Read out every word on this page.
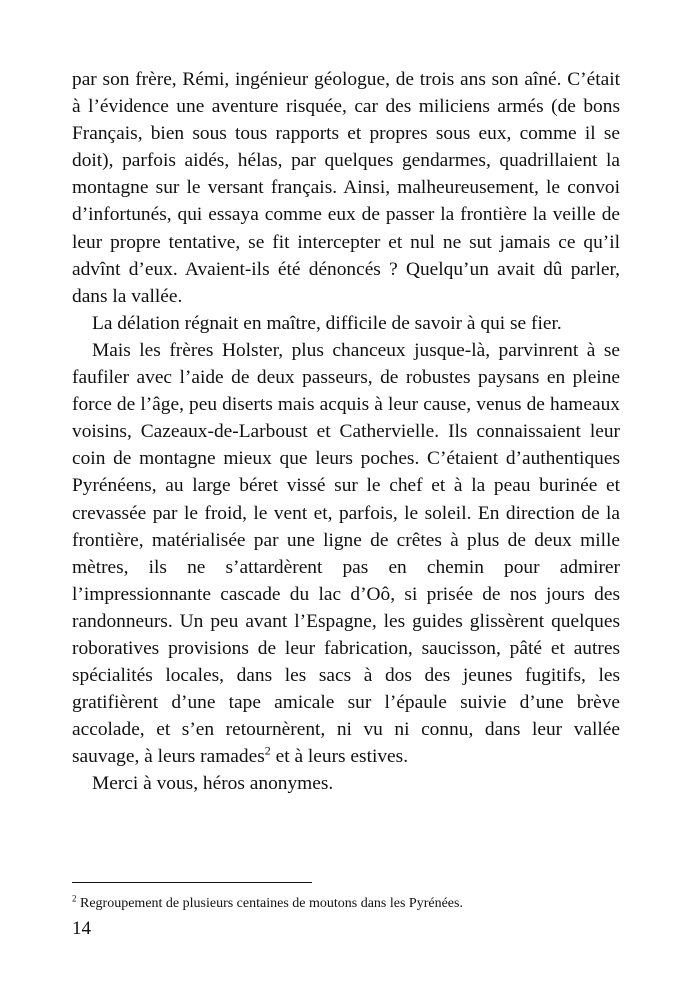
par son frère, Rémi, ingénieur géologue, de trois ans son aîné. C’était à l’évidence une aventure risquée, car des miliciens armés (de bons Français, bien sous tous rapports et propres sous eux, comme il se doit), parfois aidés, hélas, par quelques gendarmes, quadrillaient la montagne sur le versant français. Ainsi, malheureusement, le convoi d’infortunés, qui essaya comme eux de passer la frontière la veille de leur propre tentative, se fit intercepter et nul ne sut jamais ce qu’il advînt d’eux. Avaient-ils été dénoncés ? Quelqu’un avait dû parler, dans la vallée.

La délation régnait en maître, difficile de savoir à qui se fier.

Mais les frères Holster, plus chanceux jusque-là, parvinrent à se faufiler avec l’aide de deux passeurs, de robustes paysans en pleine force de l’âge, peu diserts mais acquis à leur cause, venus de hameaux voisins, Cazeaux-de-Larboust et Cathervielle. Ils connaissaient leur coin de montagne mieux que leurs poches. C’étaient d’authentiques Pyrénéens, au large béret vissé sur le chef et à la peau burinée et crevassée par le froid, le vent et, parfois, le soleil. En direction de la frontière, matérialisée par une ligne de crêtes à plus de deux mille mètres, ils ne s’attardèrent pas en chemin pour admirer l’impressionnante cascade du lac d’Oô, si prisée de nos jours des randonneurs. Un peu avant l’Espagne, les guides glissèrent quelques roboratives provisions de leur fabrication, saucisson, pâté et autres spécialités locales, dans les sacs à dos des jeunes fugitifs, les gratifièrent d’une tape amicale sur l’épaule suivie d’une brève accolade, et s’en retournèrent, ni vu ni connu, dans leur vallée sauvage, à leurs ramades$^2$ et à leurs estives.

Merci à vous, héros anonymes.

$^2$ Regroupement de plusieurs centaines de moutons dans les Pyrénées.

14
